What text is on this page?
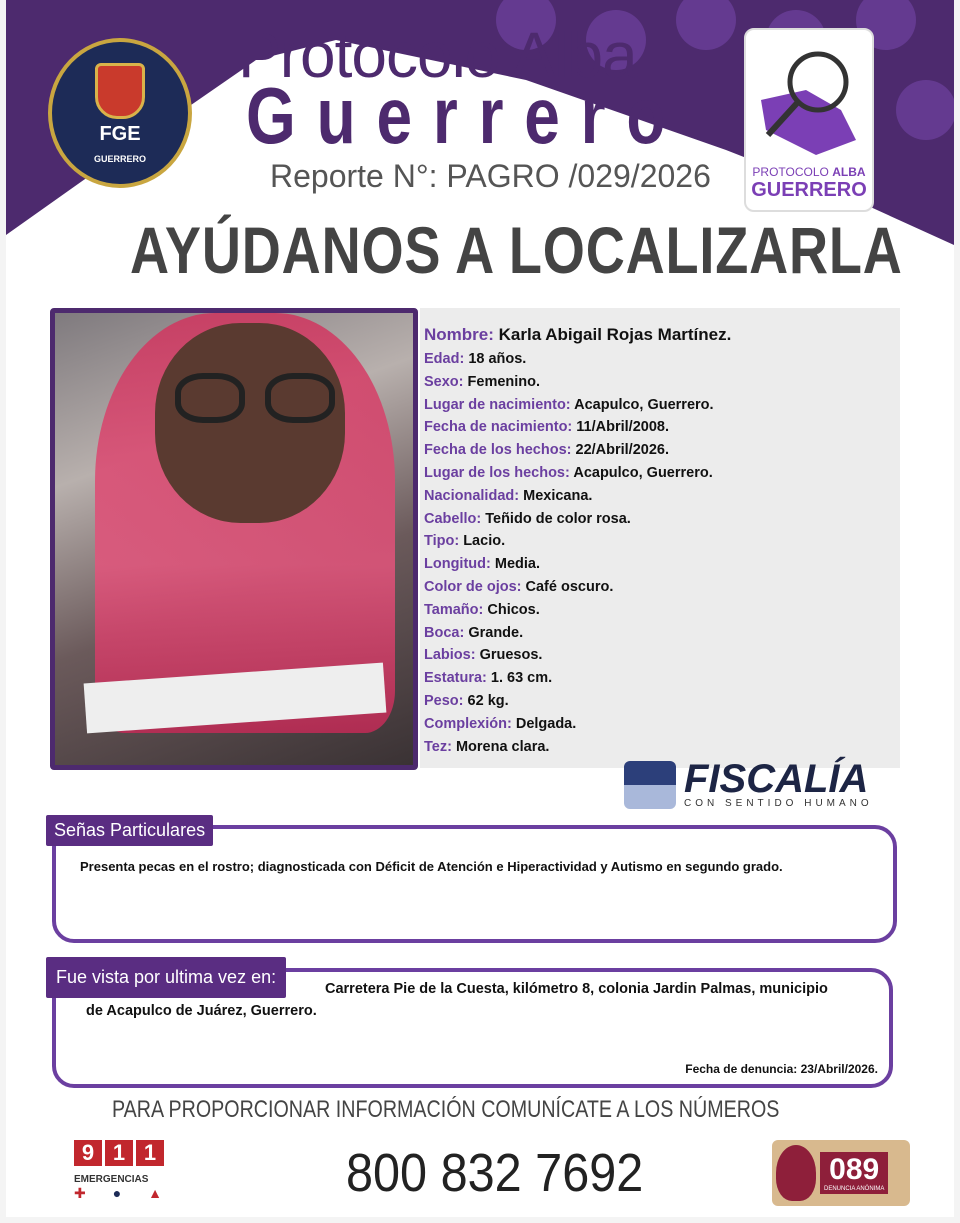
FGE
GUERRERO
Protocolo Alba
Guerrero
Reporte N°: PAGRO /029/2026	PROTOCOLO ALBA
GUERRERO
AYÚDANOS A LOCALIZARLA
Nombre: Karla Abigail Rojas Martínez.
Edad: 18 años.
Sexo: Femenino.
Lugar de nacimiento: Acapulco, Guerrero.
Fecha de nacimiento: 11/Abril/2008.
Fecha de los hechos: 22/Abril/2026.
Lugar de los hechos: Acapulco, Guerrero.
Nacionalidad: Mexicana.
Cabello: Teñido de color rosa.
Tipo: Lacio.
Longitud: Media.
Color de ojos: Café oscuro.
Tamaño: Chicos.
Boca: Grande.
Labios: Gruesos.
Estatura: 1. 63 cm.
Peso: 62 kg.
Complexión: Delgada.
Tez: Morena clara.
FISCALÍA
CON SENTIDO HUMANO
Señas Particulares
Presenta pecas en el rostro; diagnosticada con Déficit de Atención e Hiperactividad y Autismo en segundo grado.
Fue vista por ultima vez en:
Carretera Pie de la Cuesta, kilómetro 8, colonia Jardin Palmas, municipio
de Acapulco de Juárez, Guerrero.
Fecha de denuncia: 23/Abril/2026.
PARA PROPORCIONAR INFORMACIÓN COMUNÍCATE A LOS NÚMEROS
9 1 1
EMERGENCIAS
✚ ● ▲	800 832 7692	089
DENUNCIA ANÓNIMA
